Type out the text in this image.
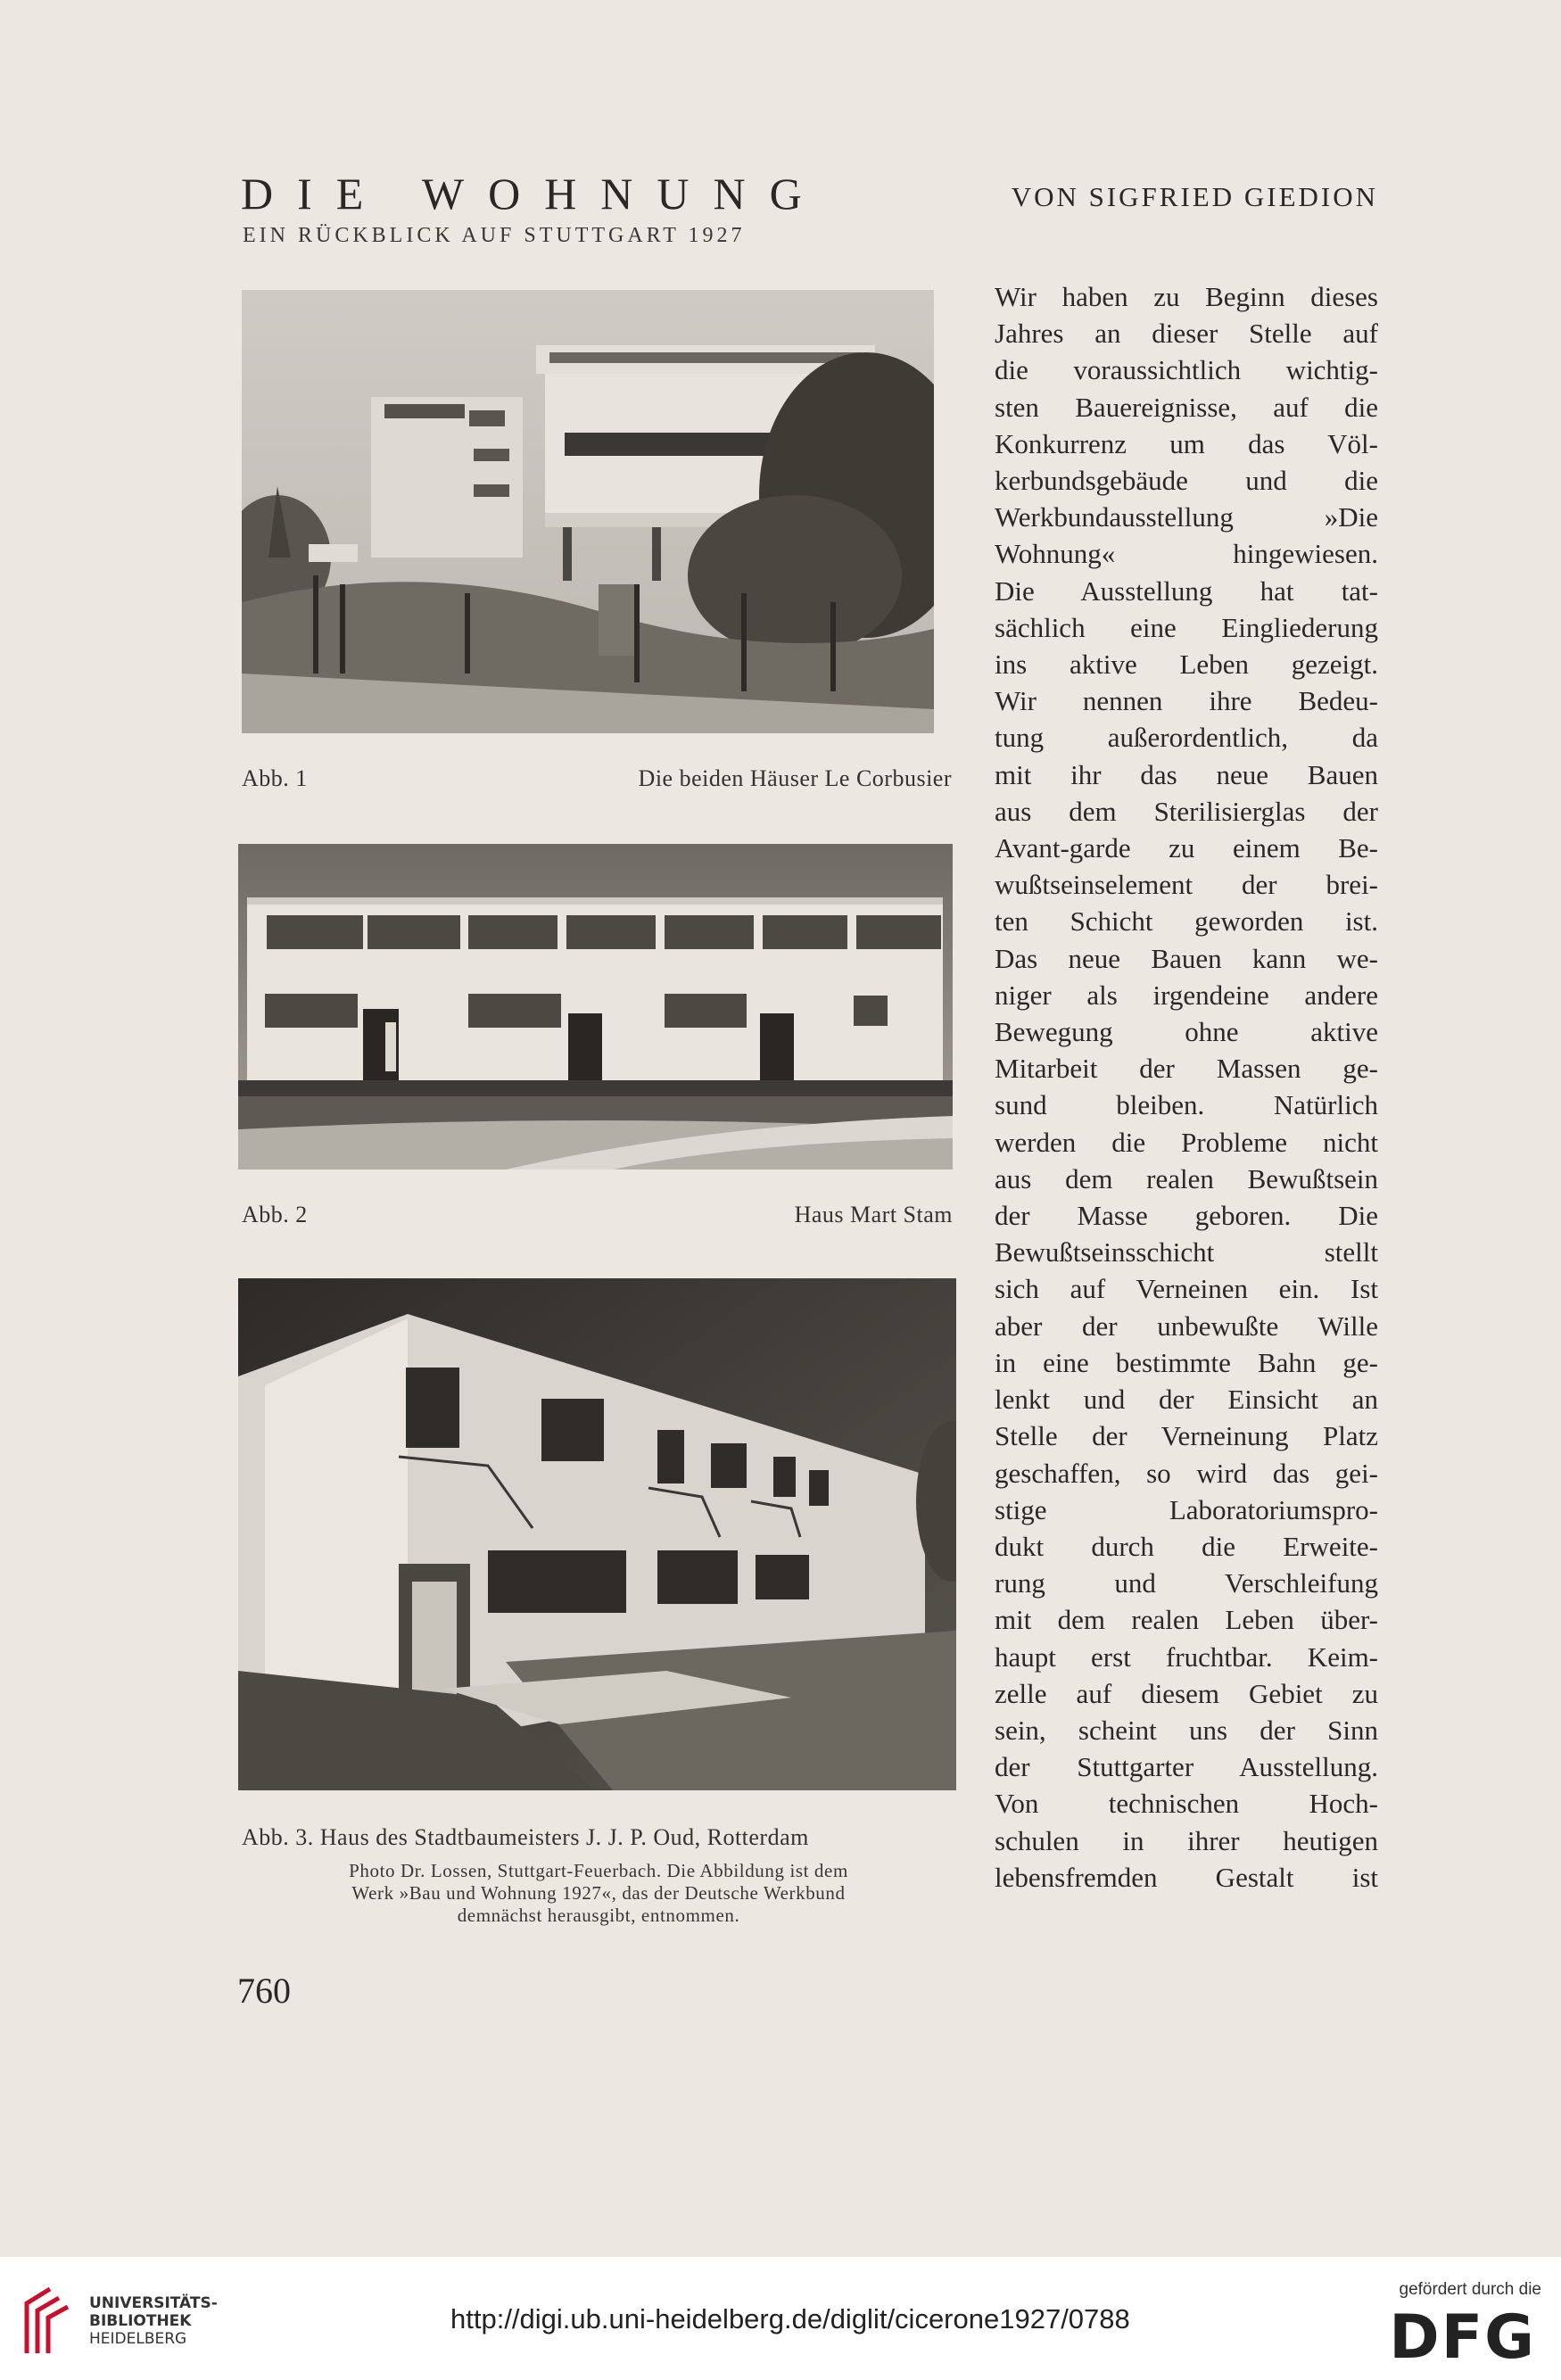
DIE WOHNUNG
EIN RÜCKBLICK AUF STUTTGART 1927
VON SIGFRIED GIEDION
Abb. 1	Die beiden Häuser Le Corbusier
Abb. 2	Haus Mart Stam
Abb. 3. Haus des Stadtbaumeisters J. J. P. Oud, Rotterdam
Photo Dr. Lossen, Stuttgart-Feuerbach. Die Abbildung ist dem
Werk »Bau und Wohnung 1927«, das der Deutsche Werkbund
demnächst herausgibt, entnommen.
Wir haben zu Beginn dieses
Jahres an dieser Stelle auf
die voraussichtlich wichtig-
sten Bauereignisse, auf die
Konkurrenz um das Völ-
kerbundsgebäude und die
Werkbundausstellung »Die
Wohnung« hingewiesen.
Die Ausstellung hat tat-
sächlich eine Eingliederung
ins aktive Leben gezeigt.
Wir nennen ihre Bedeu-
tung außerordentlich, da
mit ihr das neue Bauen
aus dem Sterilisierglas der
Avant-garde zu einem Be-
wußtseinselement der brei-
ten Schicht geworden ist.
Das neue Bauen kann we-
niger als irgendeine andere
Bewegung ohne aktive
Mitarbeit der Massen ge-
sund bleiben. Natürlich
werden die Probleme nicht
aus dem realen Bewußtsein
der Masse geboren. Die
Bewußtseinsschicht stellt
sich auf Verneinen ein. Ist
aber der unbewußte Wille
in eine bestimmte Bahn ge-
lenkt und der Einsicht an
Stelle der Verneinung Platz
geschaffen, so wird das gei-
stige Laboratoriumspro-
dukt durch die Erweite-
rung und Verschleifung
mit dem realen Leben über-
haupt erst fruchtbar. Keim-
zelle auf diesem Gebiet zu
sein, scheint uns der Sinn
der Stuttgarter Ausstellung.
Von technischen Hoch-
schulen in ihrer heutigen
lebensfremden Gestalt ist
760
UNIVERSITÄTS-
BIBLIOTHEK
HEIDELBERG
http://digi.ub.uni-heidelberg.de/diglit/cicerone1927/0788
gefördert durch die
DFG
